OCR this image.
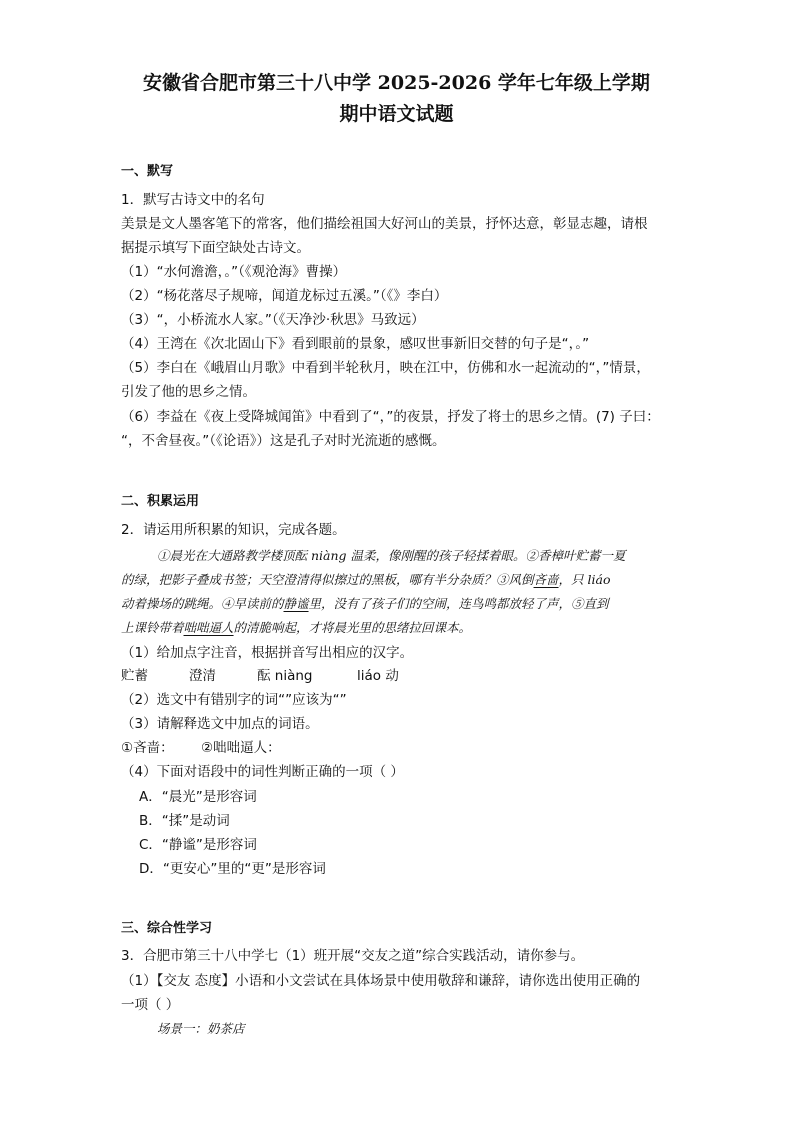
安徽省合肥市第三十八中学 2025-2026 学年七年级上学期
期中语文试题
一、默写
1．默写古诗文中的名句
美景是文人墨客笔下的常客，他们描绘祖国大好河山的美景，抒怀达意，彰显志趣，请根
据提示填写下面空缺处古诗文。
（1）“水何澹澹，。”（《观沧海》曹操）
（2）“杨花落尽子规啼，闻道龙标过五溪。”（《》李白）
（3）“，小桥流水人家。”（《天净沙·秋思》马致远）
（4）王湾在《次北固山下》看到眼前的景象，感叹世事新旧交替的句子是“，。”
（5）李白在《峨眉山月歌》中看到半轮秋月，映在江中，仿佛和水一起流动的“，”情景，
引发了他的思乡之情。
（6）李益在《夜上受降城闻笛》中看到了“，”的夜景，抒发了将士的思乡之情。(7) 子曰：
“，不舍昼夜。”（《论语》）这是孔子对时光流逝的感慨。
二、积累运用
2．请运用所积累的知识，完成各题。
①晨光在大通路教学楼顶酝 niàng 温柔，像刚醒的孩子轻揉着眼。②香樟叶贮蓄一夏
的绿，把影子叠成书签；天空澄清得似擦过的黑板，哪有半分杂质？③风倒吝啬，只 liáo
动着操场的跳绳。④早读前的静谧里，没有了孩子们的空闹，连鸟鸣都放轻了声，⑤直到
上课铃带着咄咄逼人的清脆响起，才将晨光里的思绪拉回课本。
（1）给加点字注音，根据拼音写出相应的汉字。
贮蓄	澄清	酝 niàng	liáo 动
（2）选文中有错别字的词“”应该为“”
（3）请解释选文中加点的词语。
①吝啬： ②咄咄逼人：
（4）下面对语段中的词性判断正确的一项（ ）
A．“晨光”是形容词
B．“揉”是动词
C．“静谧”是形容词
D．“更安心”里的“更”是形容词
三、综合性学习
3．合肥市第三十八中学七（1）班开展“交友之道”综合实践活动，请你参与。
（1）【交友 态度】小语和小文尝试在具体场景中使用敬辞和谦辞，请你选出使用正确的
一项（ ）
场景一：奶茶店
